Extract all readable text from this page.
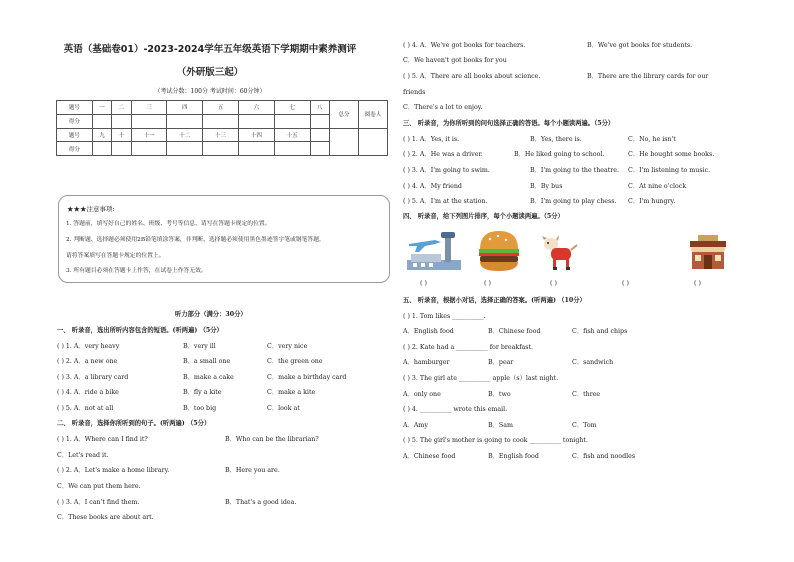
英语（基础卷01）-2023-2024学年五年级英语下学期期中素养测评
（外研版三起）
（考试分数：100分 考试时间：60分钟）
题号	一	二	三	四	五	六	七	八	总分	阅卷人
得分										
题号	九	十	十一	十二	十三	十四	十五			
得分										
★★★注意事项:
1. 答题前，填写好自己的姓名、班级、考号等信息，请写在答题卡规定的位置。
2. 判断题、选择题必须使用2B铅笔填涂答案，非判断、选择题必须使用黑色墨迹签字笔或钢笔答题，
请将答案填写在答题卡规定的位置上。
3. 所有题目必须在答题卡上作答，在试卷上作答无效。
听力部分（满分：30分）
一、 听录音，选出所听内容包含的短语。(听两遍) （5分）
( ) 1. A．very heavy	B．very ill	C．very nice
( ) 2. A．a new one	B．a small one	C．the green one
( ) 3. A．a library card	B．make a cake	C．make a birthday card
( ) 4. A．ride a bike	B．fly a kite	C．make a kite
( ) 5. A．not at all	B．too big	C．look at
二、 听录音，选择你所听到的句子。(听两遍) （5分）
( ) 1. A．Where can I find it?	B．Who can be the librarian?
C．Let's read it.
( ) 2. A．Let's make a home library.	B．Here you are.
C．We can put them here.
( ) 3. A．I can't find them.	B．That's a good idea.
C．These books are about art.
( ) 4. A．We've got books for teachers.	B．We've got books for students.
C．We haven't got books for you
( ) 5. A．There are all books about science.	B．There are the library cards for our
friends
C．There's a lot to enjoy.
三、 听录音，为你所听到的问句选择正确的答语。每个小题读两遍。（5分）
( ) 1. A．Yes, it is.	B．Yes, there is.	C．No, he isn't
( ) 2. A．He was a driver.	B．He liked going to school.	C．He bought some books.
( ) 3. A．I'm going to swim.	B．I'm going to the theatre. C．I'm listening to music.
( ) 4. A．My friend	B．By bus	C．At nine o'clock
( ) 5. A．I'm at the station.	B．I'm going to play chess. C．I'm hungry.
四、 听录音，给下列图片排序，每个小题读两遍。（5分）
( )	( )	( )	( )	( )
五、 听录音，根据小对话，选择正确的答案。(听两遍) （10分）
( ) 1. Tom likes __________.
A．English food	B．Chinese food	C．fish and chips
( ) 2. Kate had a __________ for breakfast.
A．hamburger	B．pear	C．sandwich
( ) 3. The girl ate __________ apple（s）last night.
A．only one	B．two	C．three
( ) 4. __________ wrote this email.
A．Amy	B．Sam	C．Tom
( ) 5. The girl's mother is going to cook __________ tonight.
A．Chinese food	B．English food	C．fish and noodles
